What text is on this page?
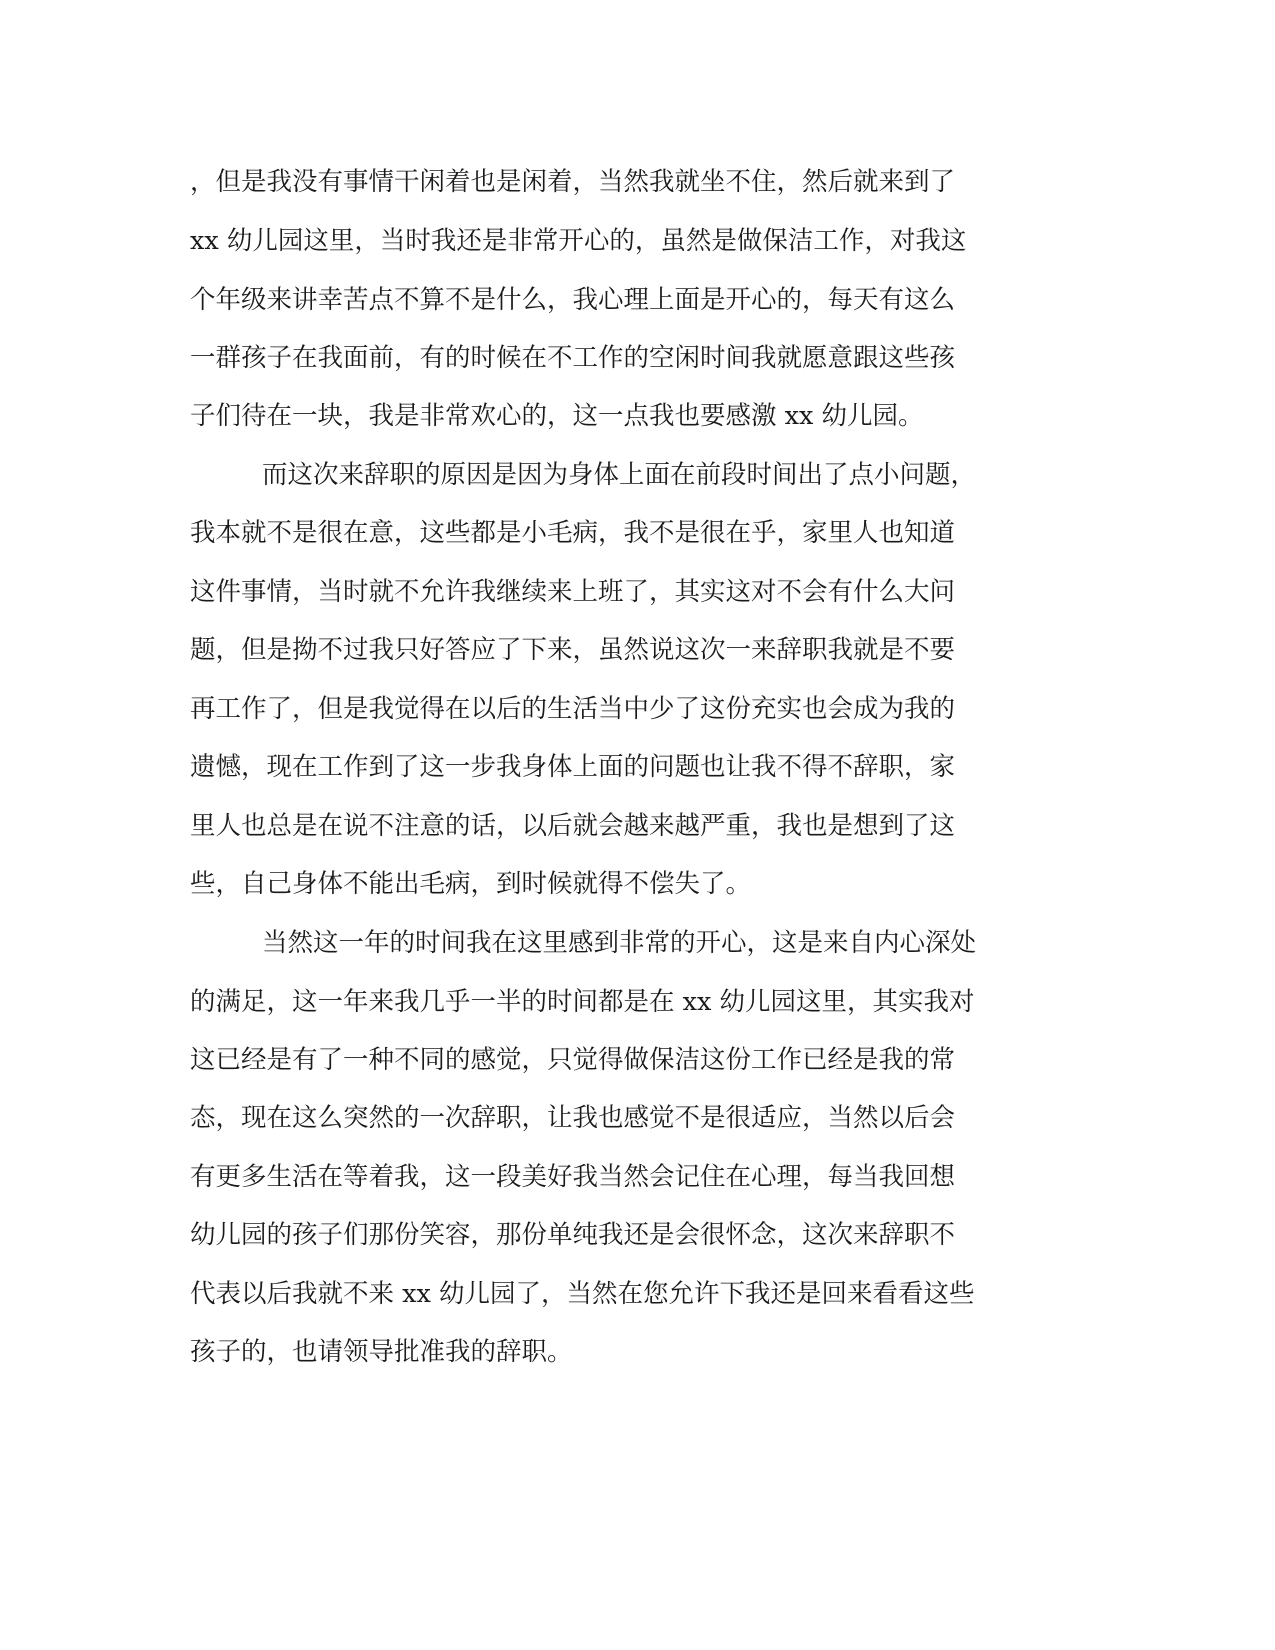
，但是我没有事情干闲着也是闲着，当然我就坐不住，然后就来到了

xx 幼儿园这里，当时我还是非常开心的，虽然是做保洁工作，对我这

个年级来讲幸苦点不算不是什么，我心理上面是开心的，每天有这么

一群孩子在我面前，有的时候在不工作的空闲时间我就愿意跟这些孩

子们待在一块，我是非常欢心的，这一点我也要感激 xx 幼儿园。

而这次来辞职的原因是因为身体上面在前段时间出了点小问题，

我本就不是很在意，这些都是小毛病，我不是很在乎，家里人也知道

这件事情，当时就不允许我继续来上班了，其实这对不会有什么大问

题，但是拗不过我只好答应了下来，虽然说这次一来辞职我就是不要

再工作了，但是我觉得在以后的生活当中少了这份充实也会成为我的

遗憾，现在工作到了这一步我身体上面的问题也让我不得不辞职，家

里人也总是在说不注意的话，以后就会越来越严重，我也是想到了这

些，自己身体不能出毛病，到时候就得不偿失了。

当然这一年的时间我在这里感到非常的开心，这是来自内心深处

的满足，这一年来我几乎一半的时间都是在 xx 幼儿园这里，其实我对

这已经是有了一种不同的感觉，只觉得做保洁这份工作已经是我的常

态，现在这么突然的一次辞职，让我也感觉不是很适应，当然以后会

有更多生活在等着我，这一段美好我当然会记住在心理，每当我回想

幼儿园的孩子们那份笑容，那份单纯我还是会很怀念，这次来辞职不

代表以后我就不来 xx 幼儿园了，当然在您允许下我还是回来看看这些

孩子的，也请领导批准我的辞职。
